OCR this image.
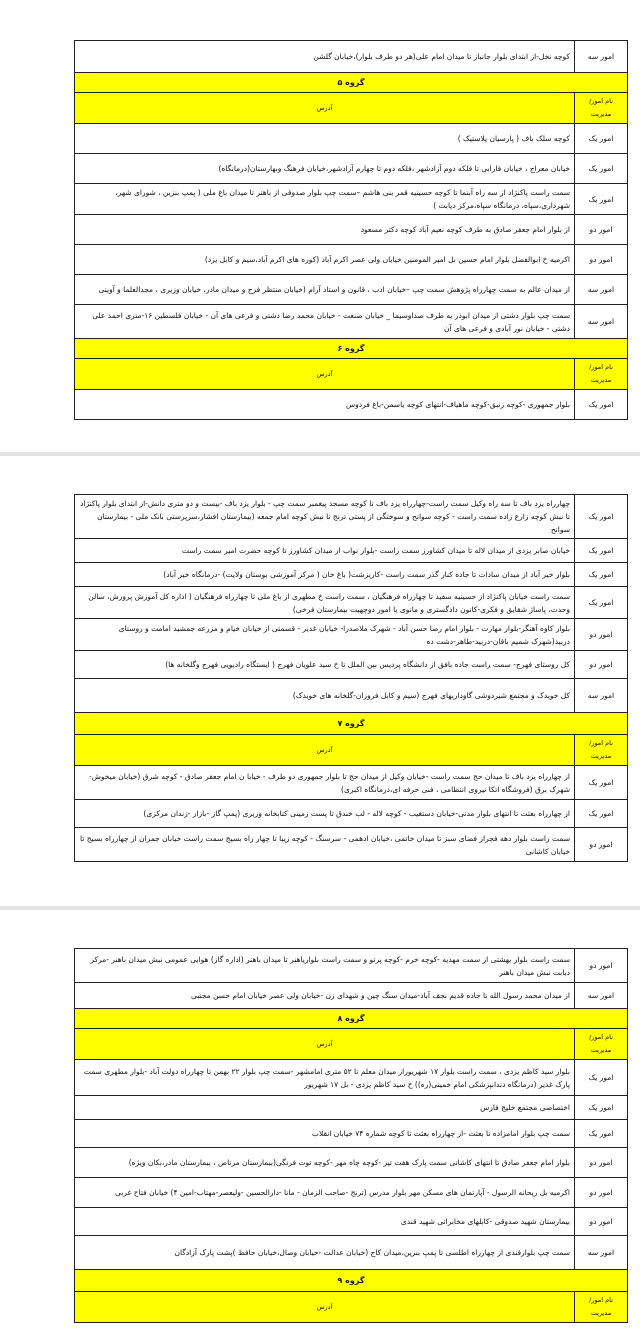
امور سه	کوچه نخل-از ابتدای بلوار جانباز تا میدان امام علی(هر دو طرف بلوار)،خیابان گلشن
گروه ۵	
نام امور/مدیریت	آدرس
امور یک	کوچه سلک باف ( پارسیان پلاستیک )
امور یک	خیابان معراج ، خیابان فارابی تا فلکه دوم آزادشهر ،فلکه دوم تا چهارم آزادشهر،خیابان فرهنگ وبهارستان(درمانگاه)
امور یک	سمت راست پاکنژاد از سه راه آبنما تا کوچه حسینیه قمر بنی هاشم –سمت چپ بلوار صدوقی از باهنر تا میدان باغ ملی ( پمپ بنزین ، شورای شهر، شهرداری،سپاه، درمانگاه سپاه،مرکز دیابت )
امور دو	از بلوار امام جعفر صادق به طرف کوچه نعیم آباد کوچه دکتر مسعود
امور دو	اکرمیه خ ابوالفضل بلوار امام حسین بل امیر المومنین خیابان ولی عصر اکرم آباد (کوره های اکرم آباد،سیم و کابل یزد)
امور سه	از میدان عالم به سمت چهارراه پژوهش سمت چپ –خیابان ادب ، قانون و استاد آرام (خیابان منتظر فرج و میدان مادر، خیابان وزیری ، مجدالعلما و آوینی
امور سه	سمت چپ بلوار دشتی از میدان ابوذر به طرف صداوسیما _ خیابان صنعت - خیابان محمد رضا دشتی و فرعی های آن - خیابان فلسطین ۱۶-متری احمد علی دشتی - خیابان نور آبادی و فرعی های آن
گروه ۶	
نام امور/مدیریت	آدرس
امور یک	بلوار جمهوری -کوچه زنبق-کوچه ماهیاف-انتهای کوچه یاسمن-باغ فردوس
امور یک	چهارراه یزد باف تا سه راه وکیل سمت راست-چهارراه یزد باف تا کوچه مسجد پیغمبر سمت چپ - بلوار یزد باف -بیست و دو متری دانش-از ابتدای بلوار پاکنژاد تا نبش کوچه زارع زاده سمت راست - کوچه سوانح و سوختگی از پستی ترنج تا نبش کوچه امام جمعه (بیمارستان افشار،سرپرستی بانک ملی - بیمارستان سوانح
امور یک	خیابان صابر یزدی از میدان لاله تا میدان کشاورز سمت راست -بلوار نواب از میدان کشاورز تا کوچه حضرت امیر سمت راست
امور یک	بلوار خیر آباد از میدان سادات تا جاده کنار گذر سمت راست -کاریزشت( باغ خان ( مرکز آموزشی بوستان ولایت) -درمانگاه خیر آباد)
امور یک	سمت راست خیابان پاکنژاد از حسینیه سفید تا چهارراه فرهنگیان ، سمت راست خ مطهری از باغ ملی تا چهارراه فرهنگیان ( اداره کل آموزش پرورش، سالن وحدت، پاساژ شقایق و فکری-کانون دادگستری و مانوی یا امور دوچهیت بیمارستان فرخی)
امور دو	بلوار کاوه آهنگر-بلوار مهارت - بلوار امام رضا حسن آباد - شهرک ملاصدرا- خیابان غدیر - قسمتی از خیابان خیام و مزرعه جمشید امامت و روستای دربید(شهرک شمیم باقان-دربید-طاهر-دشت ده
امور دو	کل روستای فهرج- سمت راست جاده بافق از دانشگاه پردیس بین الملل تا خ سید علویان فهرج ( ایستگاه رادیویی فهرج وگلخانه ها)
امور سه	کل خویدک و مجتمع شیردوشی گاوداریهای فهرج (سیم و کابل فروزان-گلخانه های خویدک)
گروه ۷	
نام امور/مدیریت	آدرس
امور یک	از چهارراه یزد باف تا میدان حج سمت راست -خیابان وکیل از میدان حج تا بلوار جمهوری دو طرف - خیابا ن امام جعفر صادق - کوچه شرق (خیابان میخوش-شهرک برق (فروشگاه اتکا نیروی انتظامی ، فنی حرفه ای،درمانگاه اکبری)
امور یک	از چهارراه بعثت تا انتهای بلوار مدنی-خیابان دستغیب - کوچه لاله - لب خندق تا پست زمینی کتابخانه وزیری (پمپ گاز -بازار -زندان مرکزی)
امور دو	سمت راست بلوار دهه فجراز فضای سبز تا میدان خاتمی ،خیابان ادهمی - سرسنگ - کوچه زیبا تا چهار راه بسیج سمت راست خیابان جمران از چهارراه بسیج تا خیابان کاشانی
امور دو	سمت راست بلوار بهشتی از سمت مهدیه -کوچه خرم -کوچه پرتو و سمت راست بلواریاهنر تا میدان باهنر (اداره گاز) هوایی عمومی نبش میدان باهنر -مرکز دیابت نبش میدان باهنر
امور سه	از میدان محمد رسول الله تا جاده قدیم نجف آباد-میدان سنگ چین و شهدای زن -خیابان ولی عصر خیابان امام حسن مجتبی
گروه ۸	
نام امور/مدیریت	آدرس
امور یک	بلوار سید کاظم یزدی ، سمت راست بلوار ۱۷ شهریوراز میدان معلم تا ۵۲ متری امامشهر -سمت چپ بلوار ۲۲ بهمن تا چهارراه دولت آباد -بلوار مطهری سمت پارک غدیر (درمانگاه دندانپزشکی امام خمینی(ره)) خ سید کاظم یزدی - بل ۱۷ شهریور
امور یک	اختصاصی مجتمع خلیج فارس
امور یک	سمت چپ بلوار امامزاده تا بعثت -از چهارراه بعثت تا کوچه شماره ۷۴ خیابان انقلاب
امور دو	بلوار امام جعفر صادق تا انتهای کاشانی سمت پارک هفت تیر -کوچه چاه مهر -کوچه توت فرنگی(بیمارستان مرتاض ، بیمارستان مادر،بکان ویژه)
امور دو	اکرمیه بل ریحانه الرسول - آپارتمان های مسکن مهر بلوار مدرس (ترنج -صاحب الزمان - مانا -دارالحسین -ولیعصر-مهتاب-امین ۴) خیابان فتاح غربی
امور دو	بیمارستان شهید صدوقی -کابلهای مخابراتی شهید قندی
امور سه	سمت چپ بلوارقندی از چهارراه اطلسی تا پمپ بنزین،میدان کاج (خیابان عدالت -خیابان وصال،خیابان حافظ )پشت پارک آزادگان
گروه ۹	
نام امور/مدیریت	آدرس
